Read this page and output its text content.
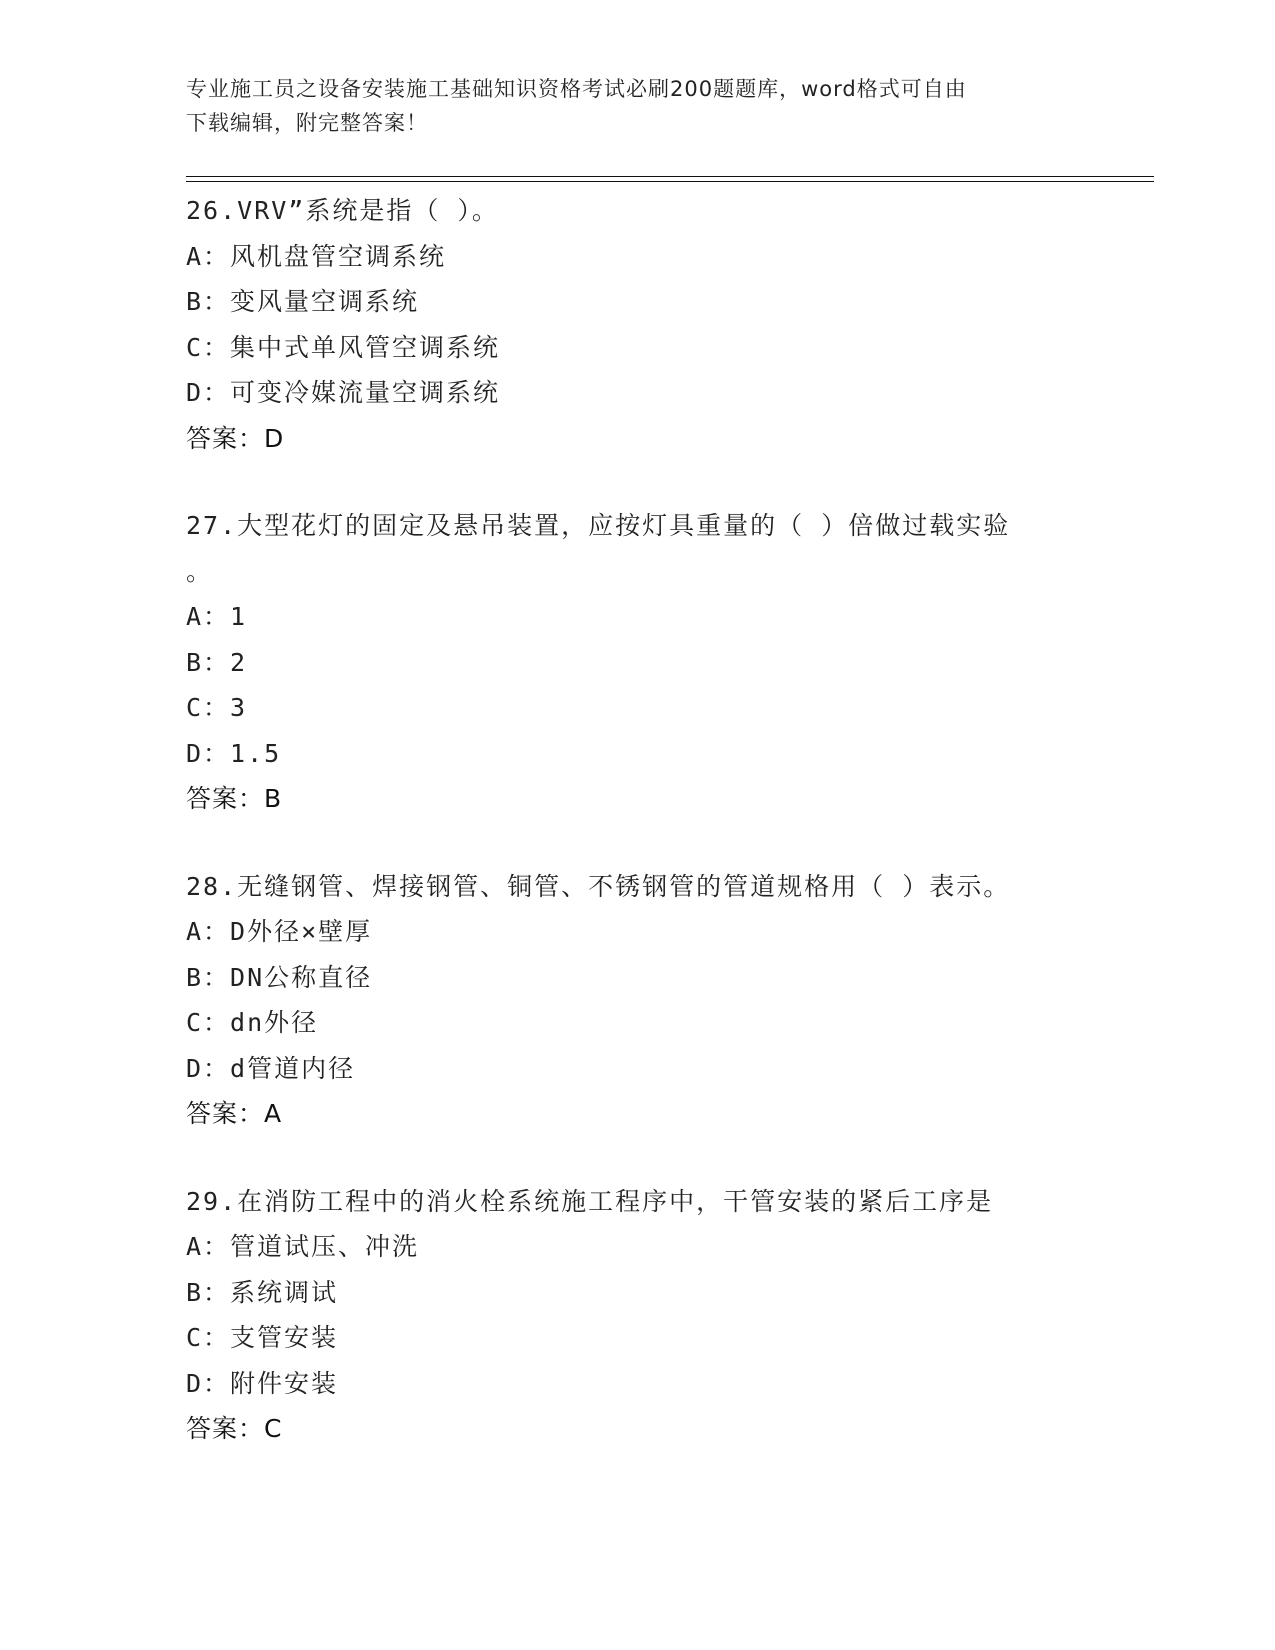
专业施工员之设备安装施工基础知识资格考试必刷200题题库，word格式可自由
下载编辑，附完整答案！
26.VRV”系统是指（ ）。
A：风机盘管空调系统
B：变风量空调系统
C：集中式单风管空调系统
D：可变冷媒流量空调系统
答案：D
27.大型花灯的固定及悬吊装置，应按灯具重量的（ ）倍做过载实验
。
A：1
B：2
C：3
D：1.5
答案：B
28.无缝钢管、焊接钢管、铜管、不锈钢管的管道规格用（ ）表示。
A：D外径×壁厚
B：DN公称直径
C：dn外径
D：d管道内径
答案：A
29.在消防工程中的消火栓系统施工程序中，干管安装的紧后工序是
A：管道试压、冲洗
B：系统调试
C：支管安装
D：附件安装
答案：C
